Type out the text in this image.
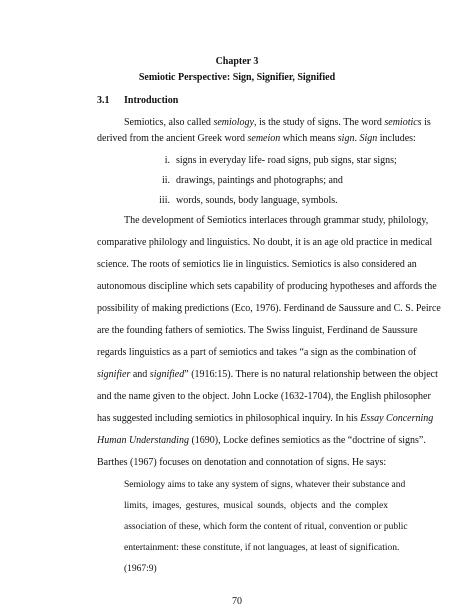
Chapter 3
Semiotic Perspective: Sign, Signifier, Signified
3.1 Introduction
Semiotics, also called semiology, is the study of signs. The word semiotics is
derived from the ancient Greek word semeion which means sign. Sign includes:
i. signs in everyday life- road signs, pub signs, star signs;
ii. drawings, paintings and photographs; and
iii. words, sounds, body language, symbols.
The development of Semiotics interlaces through grammar study, philology,
comparative philology and linguistics. No doubt, it is an age old practice in medical
science. The roots of semiotics lie in linguistics. Semiotics is also considered an
autonomous discipline which sets capability of producing hypotheses and affords the
possibility of making predictions (Eco, 1976). Ferdinand de Saussure and C. S. Peirce
are the founding fathers of semiotics. The Swiss linguist, Ferdinand de Saussure
regards linguistics as a part of semiotics and takes “a sign as the combination of
signifier and signified” (1916:15). There is no natural relationship between the object
and the name given to the object. John Locke (1632-1704), the English philosopher
has suggested including semiotics in philosophical inquiry. In his Essay Concerning
Human Understanding (1690), Locke defines semiotics as the “doctrine of signs”.
Barthes (1967) focuses on denotation and connotation of signs. He says:
Semiology aims to take any system of signs, whatever their substance and
limits, images, gestures, musical sounds, objects and the complex
association of these, which form the content of ritual, convention or public
entertainment: these constitute, if not languages, at least of signification.
(1967:9)
70
